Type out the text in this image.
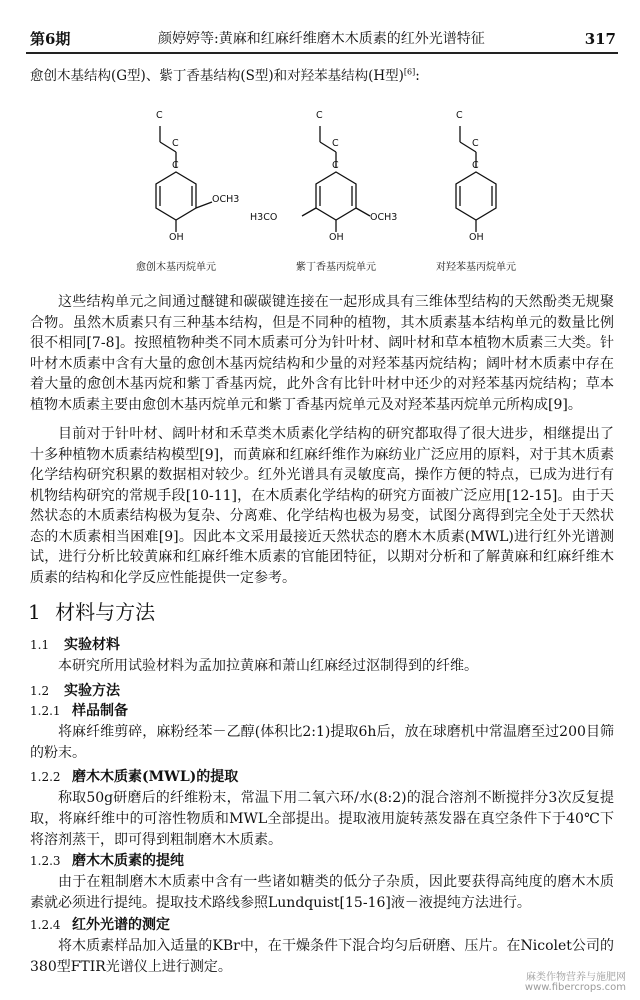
第6期	颜婷婷等:黄麻和红麻纤维磨木木质素的红外光谱特征	317
愈创木基结构(G型)、紫丁香基结构(S型)和对羟苯基结构(H型)[6]:
C
C
C
C
C
C
C
C
C
OCH3
OH
H3CO	OCH3
OH	OH
愈创木基丙烷单元	紫丁香基丙烷单元	对羟苯基丙烷单元

这些结构单元之间通过醚键和碳碳键连接在一起形成具有三维体型结构的天然酚类无规聚合物。虽然木质素只有三种基本结构，但是不同种的植物，其木质素基本结构单元的数量比例很不相同[7-8]。按照植物种类不同木质素可分为针叶材、阔叶材和草本植物木质素三大类。针叶材木质素中含有大量的愈创木基丙烷结构和少量的对羟苯基丙烷结构；阔叶材木质素中存在着大量的愈创木基丙烷和紫丁香基丙烷，此外含有比针叶材中还少的对羟苯基丙烷结构；草本植物木质素主要由愈创木基丙烷单元和紫丁香基丙烷单元及对羟苯基丙烷单元所构成[9]。

目前对于针叶材、阔叶材和禾草类木质素化学结构的研究都取得了很大进步，相继提出了十多种植物木质素结构模型[9]，而黄麻和红麻纤维作为麻纺业广泛应用的原料，对于其木质素化学结构研究积累的数据相对较少。红外光谱具有灵敏度高，操作方便的特点，已成为进行有机物结构研究的常规手段[10-11]，在木质素化学结构的研究方面被广泛应用[12-15]。由于天然状态的木质素结构极为复杂、分离难、化学结构也极为易变，试图分离得到完全处于天然状态的木质素相当困难[9]。因此本文采用最接近天然状态的磨木木质素(MWL)进行红外光谱测试，进行分析比较黄麻和红麻纤维木质素的官能团特征，以期对分析和了解黄麻和红麻纤维木质素的结构和化学反应性能提供一定参考。

1 材料与方法
1.1 实验材料

本研究所用试验材料为孟加拉黄麻和萧山红麻经过沤制得到的纤维。

1.2 实验方法
1.2.1 样品制备

将麻纤维剪碎，麻粉经苯－乙醇(体积比2:1)提取6h后，放在球磨机中常温磨至过200目筛的粉末。

1.2.2 磨木木质素(MWL)的提取

称取50g研磨后的纤维粉末，常温下用二氧六环/水(8:2)的混合溶剂不断搅拌分3次反复提取，将麻纤维中的可溶性物质和MWL全部提出。提取液用旋转蒸发器在真空条件下于40℃下将溶剂蒸干，即可得到粗制磨木木质素。

1.2.3 磨木木质素的提纯

由于在粗制磨木木质素中含有一些诸如糖类的低分子杂质，因此要获得高纯度的磨木木质素就必须进行提纯。提取技术路线参照Lundquist[15-16]液－液提纯方法进行。

1.2.4 红外光谱的测定

将木质素样品加入适量的KBr中，在干燥条件下混合均匀后研磨、压片。在Nicolet公司的380型FTIR光谱仪上进行测定。

麻类作物营养与施肥网
www.fibercrops.com
